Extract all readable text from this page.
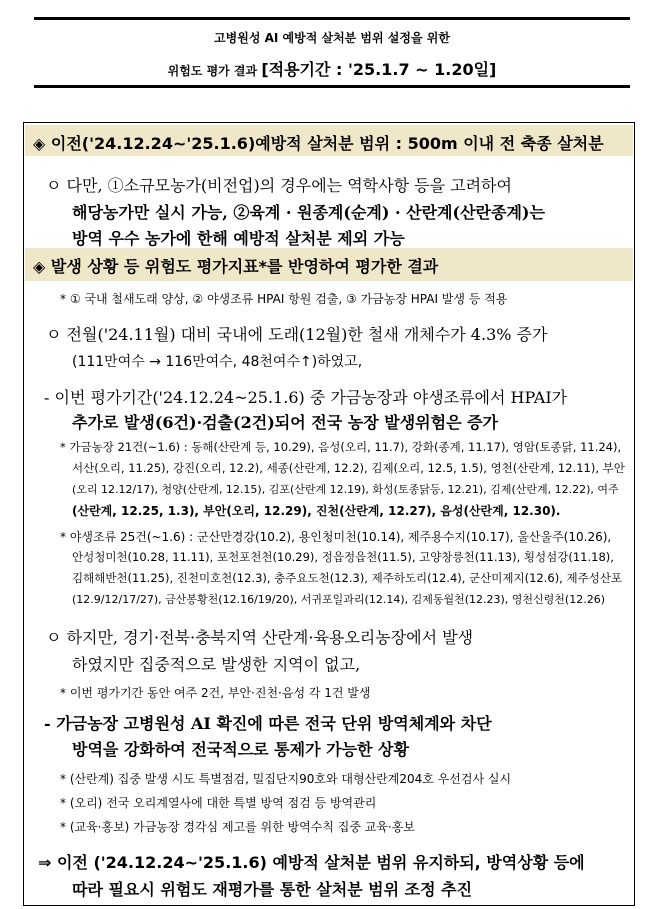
고병원성 AI 예방적 살처분 범위 설정을 위한
위험도 평가 결과 [적용기간 : '25.1.7 ~ 1.20일]
◈ 이전('24.12.24~'25.1.6)예방적 살처분 범위 : 500m 이내 전 축종 살처분
ㅇ 다만, ①소규모농가(비전업)의 경우에는 역학사항 등을 고려하여
해당농가만 실시 가능, ②육계 · 원종계(순계) · 산란계(산란종계)는
방역 우수 농가에 한해 예방적 살처분 제외 가능
◈ 발생 상황 등 위험도 평가지표*를 반영하여 평가한 결과
* ① 국내 철새도래 양상, ② 야생조류 HPAI 항원 검출, ③ 가금농장 HPAI 발생 등 적용
ㅇ 전월('24.11월) 대비 국내에 도래(12월)한 철새 개체수가 4.3% 증가
(111만여수 → 116만여수, 48천여수↑)하였고,
- 이번 평가기간('24.12.24~25.1.6) 중 가금농장과 야생조류에서 HPAI가
추가로 발생(6건)·검출(2건)되어 전국 농장 발생위험은 증가
* 가금농장 21건(~1.6) : 동해(산란계 등, 10.29), 음성(오리, 11.7), 강화(종계, 11.17), 영암(토종닭, 11.24),
서산(오리, 11.25), 강진(오리, 12.2), 세종(산란계, 12.2), 김제(오리, 12.5, 1.5), 영천(산란계, 12.11), 부안
(오리 12.12/17), 청양(산란계, 12.15), 김포(산란계 12.19), 화성(토종닭등, 12.21), 김제(산란계, 12.22), 여주
(산란계, 12.25, 1.3), 부안(오리, 12.29), 진천(산란계, 12.27), 음성(산란계, 12.30).
* 야생조류 25건(~1.6) : 군산만경강(10.2), 용인청미천(10.14), 제주용수지(10.17), 울산울주(10.26),
안성청미천(10.28, 11.11), 포천포천천(10.29), 정읍정읍천(11.5), 고양창릉천(11.13), 횡성섬강(11.18),
김해해반천(11.25), 진천미호천(12.3), 충주요도천(12.3), 제주하도리(12.4), 군산미제지(12.6), 제주성산포
(12.9/12/17/27), 금산봉황천(12.16/19/20), 서귀포일과리(12.14), 김제동월천(12.23), 영천신령천(12.26)
ㅇ 하지만, 경기·전북·충북지역 산란계·육용오리농장에서 발생
하였지만 집중적으로 발생한 지역이 없고,
* 이번 평가기간 동안 여주 2건, 부안·진천·음성 각 1건 발생
- 가금농장 고병원성 AI 확진에 따른 전국 단위 방역체계와 차단
방역을 강화하여 전국적으로 통제가 가능한 상황
* (산란계) 집중 발생 시도 특별점검, 밀집단지90호와 대형산란계204호 우선검사 실시
* (오리) 전국 오리계열사에 대한 특별 방역 점검 등 방역관리
* (교육·홍보) 가금농장 경각심 제고를 위한 방역수칙 집중 교육·홍보
⇒ 이전 ('24.12.24~'25.1.6) 예방적 살처분 범위 유지하되, 방역상황 등에
따라 필요시 위험도 재평가를 통한 살처분 범위 조정 추진
